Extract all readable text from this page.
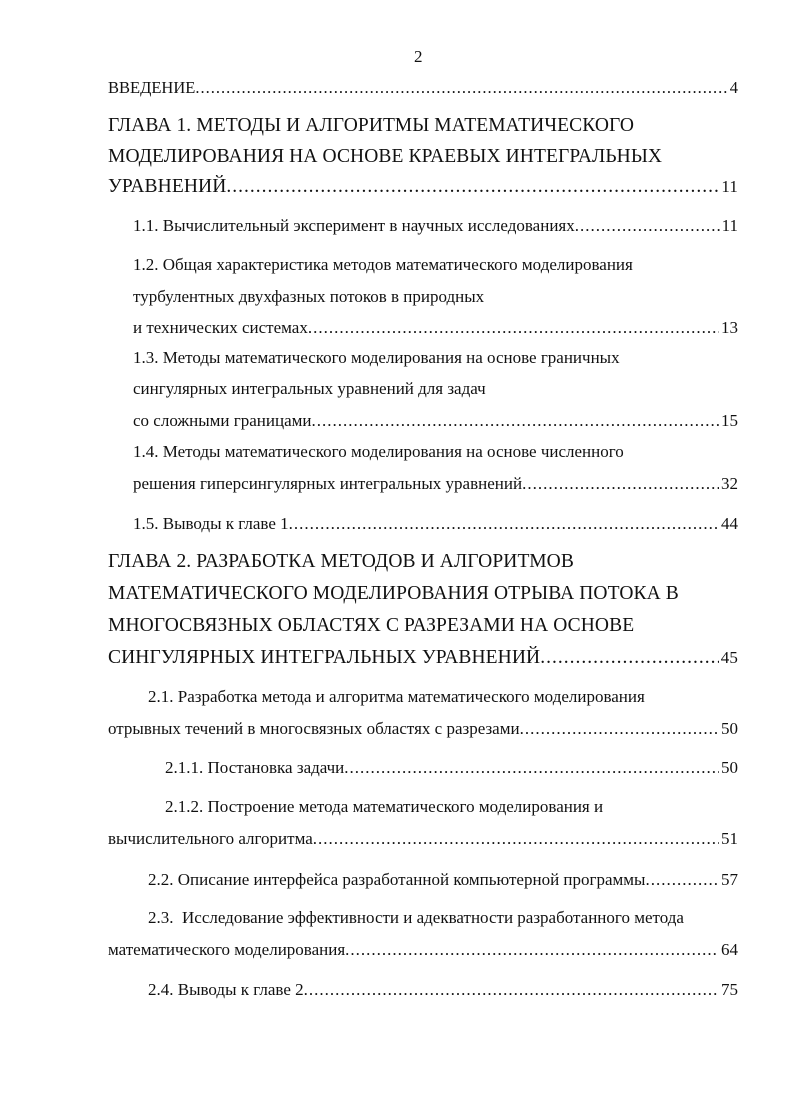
2
ВВЕДЕНИЕ .....	4
ГЛАВА 1. МЕТОДЫ И АЛГОРИТМЫ МАТЕМАТИЧЕСКОГО
МОДЕЛИРОВАНИЯ НА ОСНОВЕ КРАЕВЫХ ИНТЕГРАЛЬНЫХ
УРАВНЕНИЙ .....	11
1.1. Вычислительный эксперимент в научных исследованиях .....	11
1.2. Общая характеристика методов математического моделирования
турбулентных двухфазных потоков в природных
и технических системах .....	13
1.3. Методы математического моделирования на основе граничных
сингулярных интегральных уравнений для задач
со сложными границами .....	15
1.4. Методы математического моделирования на основе численного
решения гиперсингулярных интегральных уравнений .....	32
1.5. Выводы к главе 1 .....	44
ГЛАВА 2. РАЗРАБОТКА МЕТОДОВ И АЛГОРИТМОВ
МАТЕМАТИЧЕСКОГО МОДЕЛИРОВАНИЯ ОТРЫВА ПОТОКА В
МНОГОСВЯЗНЫХ ОБЛАСТЯХ С РАЗРЕЗАМИ НА ОСНОВЕ
СИНГУЛЯРНЫХ ИНТЕГРАЛЬНЫХ УРАВНЕНИЙ .....	45
2.1. Разработка метода и алгоритма математического моделирования
отрывных течений в многосвязных областях с разрезами .....	50
2.1.1. Постановка задачи .....	50
2.1.2. Построение метода математического моделирования и
вычислительного алгоритма .....	51
2.2. Описание интерфейса разработанной компьютерной программы .....	57
2.3.  Исследование эффективности и адекватности разработанного метода
математического моделирования .....	64
2.4. Выводы к главе 2 .....	75
